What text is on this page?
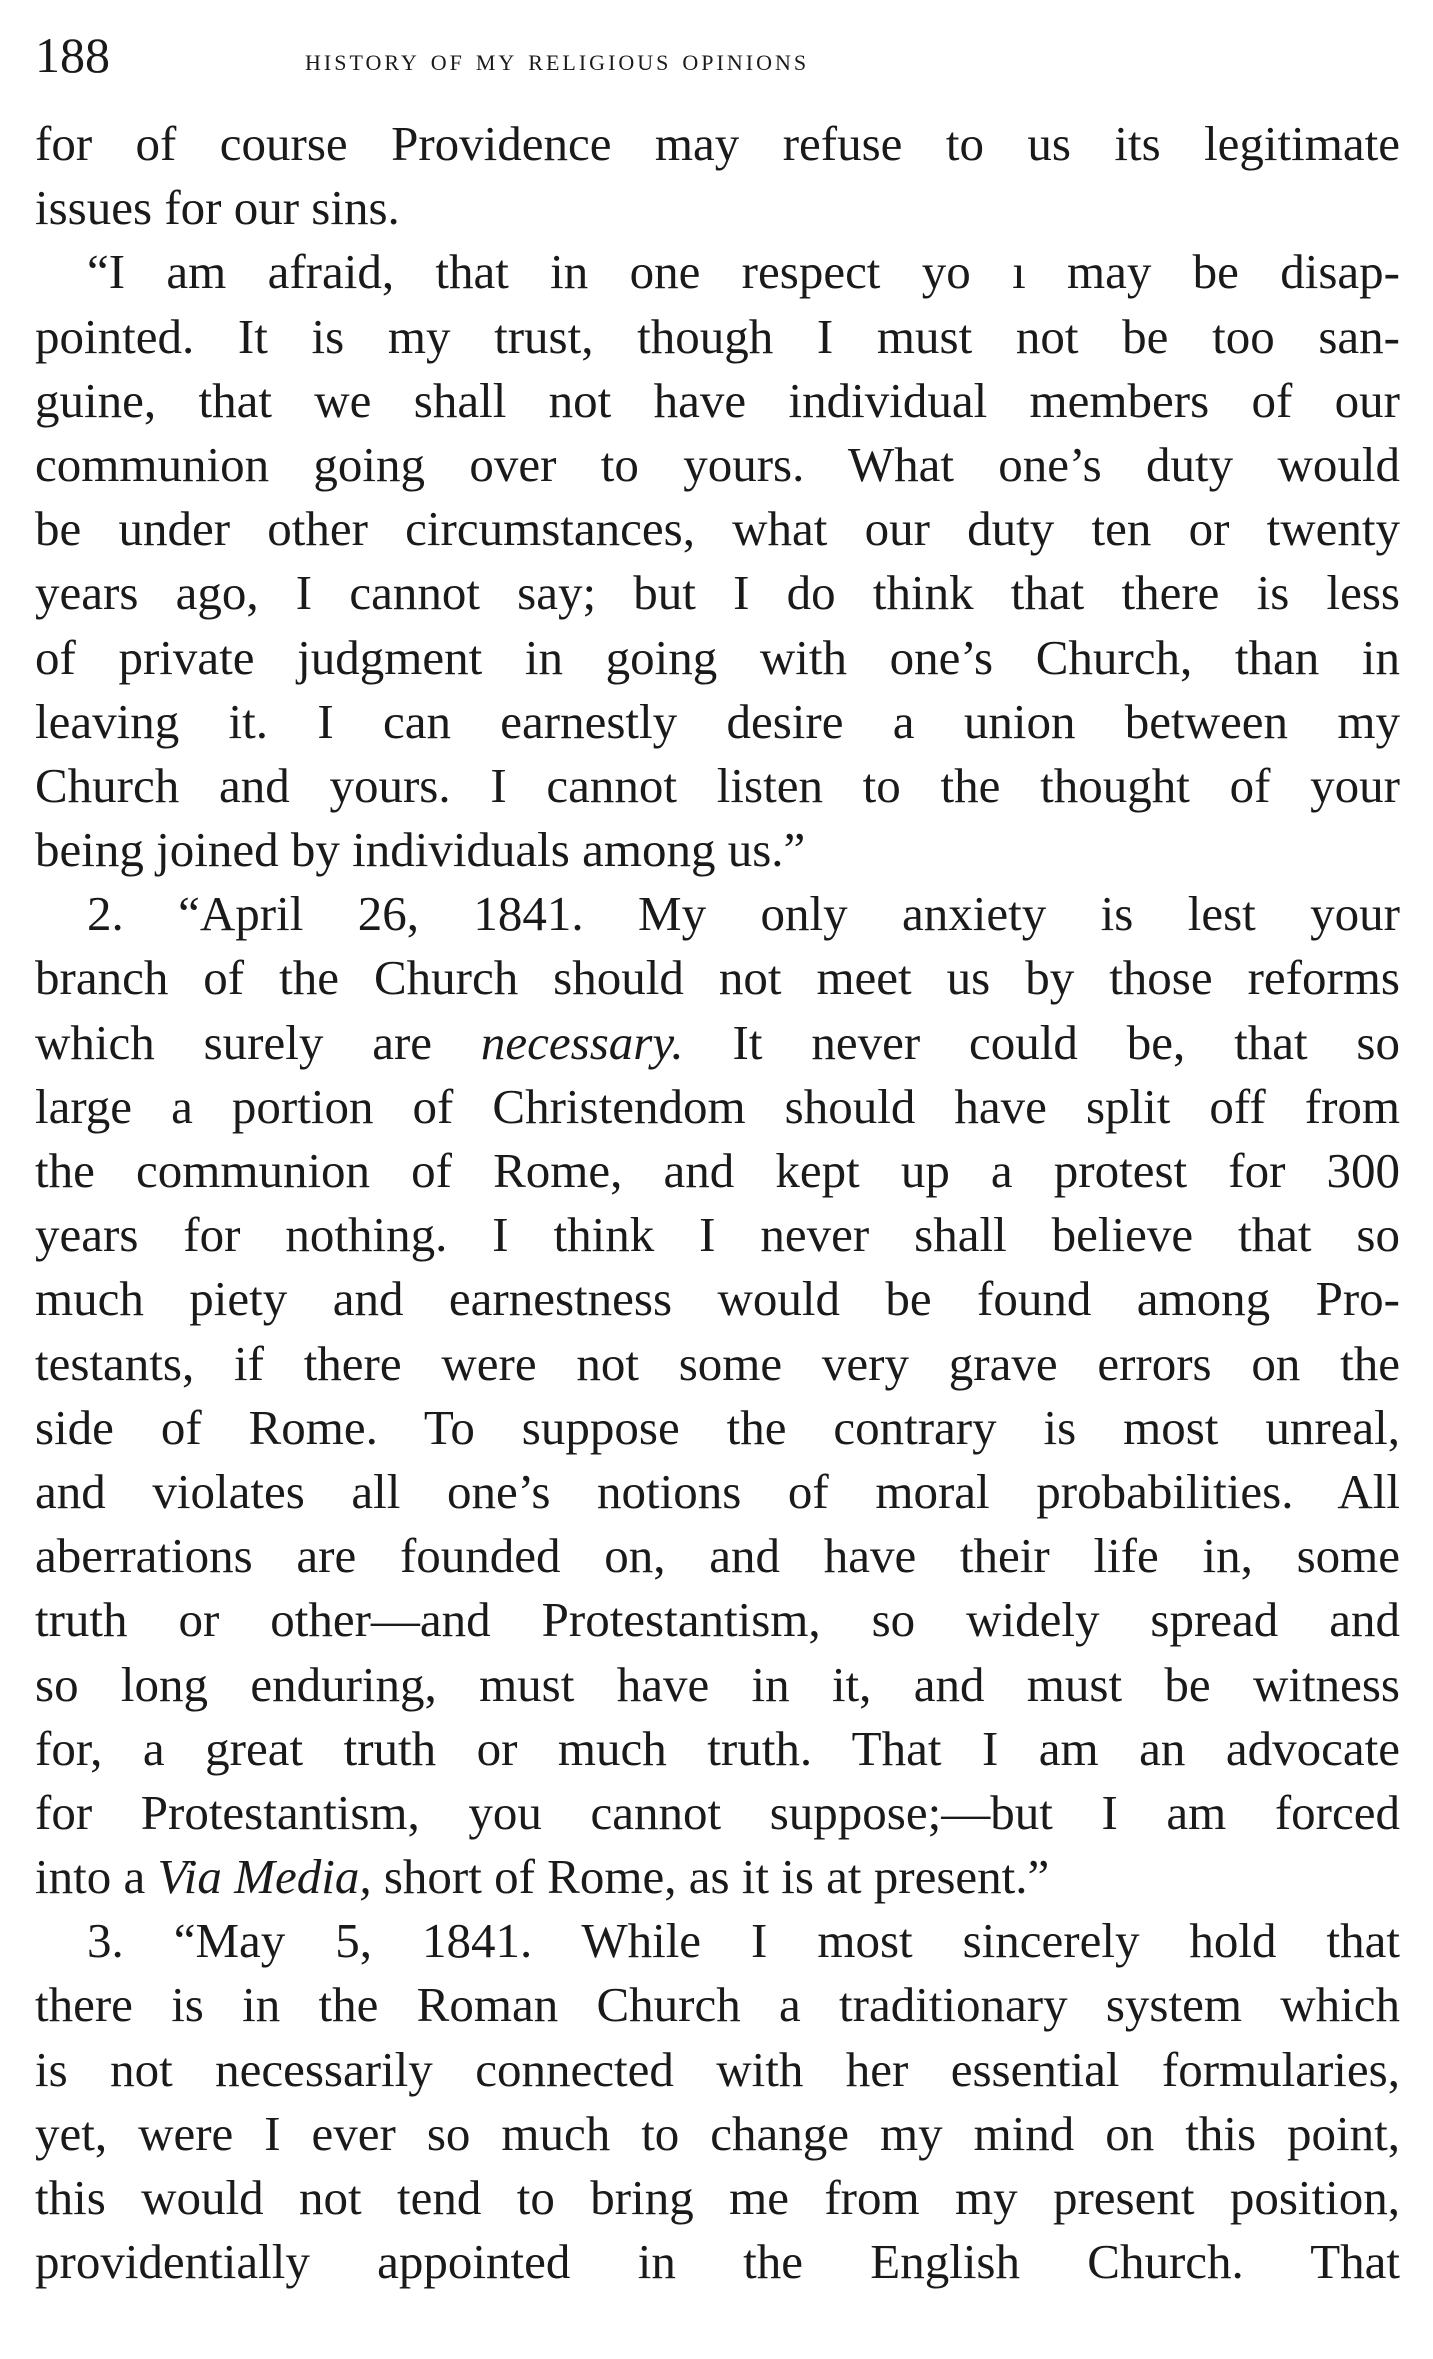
188	history of my religious opinions
for of course Providence may refuse to us its legitimate
issues for our sins.
“I am afraid, that in one respect yo ı may be disap-
pointed. It is my trust, though I must not be too san-
guine, that we shall not have individual members of our
communion going over to yours. What one’s duty would
be under other circumstances, what our duty ten or twenty
years ago, I cannot say; but I do think that there is less
of private judgment in going with one’s Church, than in
leaving it. I can earnestly desire a union between my
Church and yours. I cannot listen to the thought of your
being joined by individuals among us.”
2. “April 26, 1841. My only anxiety is lest your
branch of the Church should not meet us by those reforms
which surely are necessary. It never could be, that so
large a portion of Christendom should have split off from
the communion of Rome, and kept up a protest for 300
years for nothing. I think I never shall believe that so
much piety and earnestness would be found among Pro-
testants, if there were not some very grave errors on the
side of Rome. To suppose the contrary is most unreal,
and violates all one’s notions of moral probabilities. All
aberrations are founded on, and have their life in, some
truth or other—and Protestantism, so widely spread and
so long enduring, must have in it, and must be witness
for, a great truth or much truth. That I am an advocate
for Protestantism, you cannot suppose;—but I am forced
into a Via Media, short of Rome, as it is at present.”
3. “May 5, 1841. While I most sincerely hold that
there is in the Roman Church a traditionary system which
is not necessarily connected with her essential formularies,
yet, were I ever so much to change my mind on this point,
this would not tend to bring me from my present position,
providentially appointed in the English Church. That
